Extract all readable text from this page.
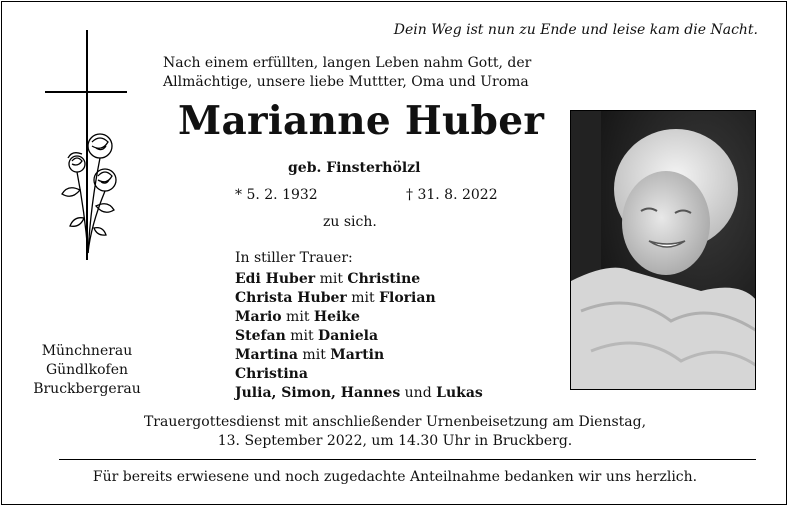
Dein Weg ist nun zu Ende und leise kam die Nacht.
Nach einem erfüllten, langen Leben nahm Gott, der
Allmächtige, unsere liebe Muttter, Oma und Uroma
Marianne Huber
geb. Finsterhölzl
* 5. 2. 1932	† 31. 8. 2022
zu sich.
In stiller Trauer:
Edi Huber mit Christine
Christa Huber mit Florian
Mario mit Heike
Stefan mit Daniela
Martina mit Martin
Christina
Julia, Simon, Hannes und Lukas
Münchnerau
Gündlkofen
Bruckbergerau
Trauergottesdienst mit anschließender Urnenbeisetzung am Dienstag,
13. September 2022, um 14.30 Uhr in Bruckberg.
Für bereits erwiesene und noch zugedachte Anteilnahme bedanken wir uns herzlich.
